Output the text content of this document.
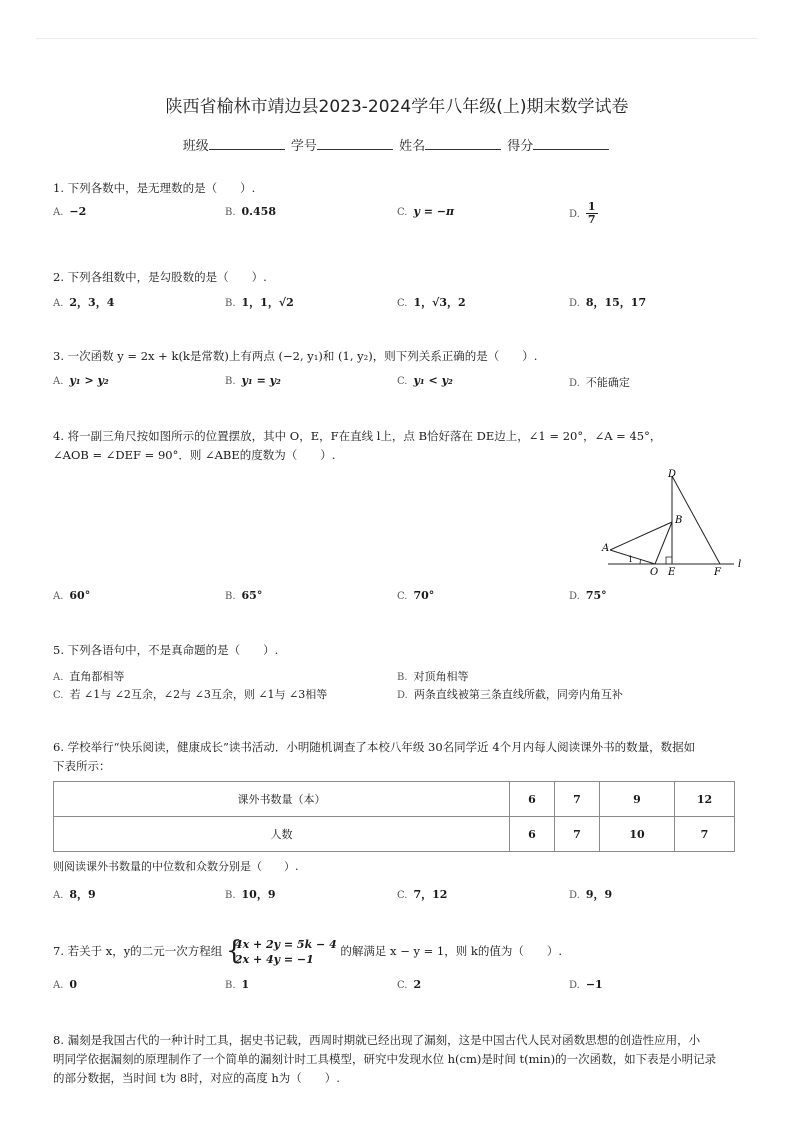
陕西省榆林市靖边县2023-2024学年八年级(上)期末数学试卷
班级	学号	姓名	得分
1. 下列各数中，是无理数的是（　　）.
A. −2	B. 0.458	C. y = −π	D. $\frac{1}{7}$
2. 下列各组数中，是勾股数的是（　　）.
A. 2，3，4	B. 1，1，√2	C. 1，√3，2	D. 8，15，17
3. 一次函数 y = 2x + k(k是常数)上有两点 (−2, y₁)和 (1, y₂)，则下列关系正确的是（　　）.
A. y₁ > y₂	B. y₁ = y₂	C. y₁ < y₂	D. 不能确定
4. 将一副三角尺按如图所示的位置摆放，其中 O，E，F在直线 l上，点 B恰好落在 DE边上，∠1 = 20°，∠A = 45°，
∠AOB = ∠DEF = 90°．则 ∠ABE的度数为（　　）.
D
B
A
1
O E	F
l
A. 60°	B. 65°	C. 70°	D. 75°
5. 下列各语句中，不是真命题的是（　　）.
A. 直角都相等	B. 对顶角相等
C. 若 ∠1与 ∠2互余，∠2与 ∠3互余，则 ∠1与 ∠3相等	D. 两条直线被第三条直线所截，同旁内角互补
6. 学校举行“快乐阅读，健康成长”读书活动．小明随机调查了本校八年级 30名同学近 4个月内每人阅读课外书的数量，数据如
下表所示：
课外书数量（本）	6	7	9	12
人数	6	7	10	7
则阅读课外书数量的中位数和众数分别是（　　）.
A. 8，9	B. 10，9	C. 7，12	D. 9，9
7. 若关于 x，y的二元一次方程组 {
4x + 2y = 5k − 4
2x + 4y = −1
的解满足 x − y = 1，则 k的值为（　　）.
A. 0	B. 1	C. 2	D. −1
8. 漏刻是我国古代的一种计时工具，据史书记载，西周时期就已经出现了漏刻，这是中国古代人民对函数思想的创造性应用，小
明同学依据漏刻的原理制作了一个简单的漏刻计时工具模型，研究中发现水位 h(cm)是时间 t(min)的一次函数，如下表是小明记录
的部分数据，当时间 t为 8时，对应的高度 h为（　　）.
